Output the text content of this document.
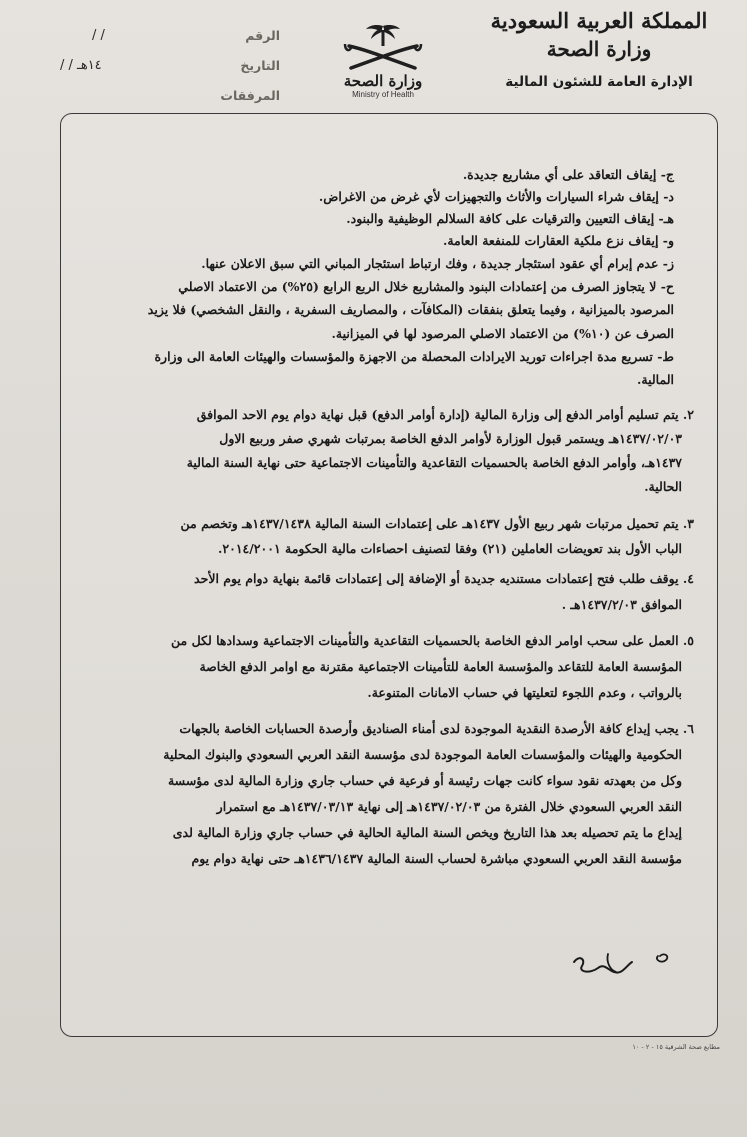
المملكة العربية السعودية
وزارة الصحة
الإدارة العامة للشئون المالية
وزارة الصحة
Ministry of Health
الرقم
/ /
التاريخ
/ / ١٤هـ
المرفقات
ج- إيقاف التعاقد على أي مشاريع جديدة.
د- إيقاف شراء السيارات والأثاث والتجهيزات لأي غرض من الاغراض.
هـ- إيقاف التعيين والترقيات على كافة السلالم الوظيفية والبنود.
و- إيقاف نزع ملكية العقارات للمنفعة العامة.
ز- عدم إبرام أي عقود استئجار جديدة ، وفك ارتباط استئجار المباني التي سبق الاعلان عنها.
ح- لا يتجاوز الصرف من إعتمادات البنود والمشاريع خلال الربع الرابع (٢٥%) من الاعتماد الاصلي
المرصود بالميزانية ، وفيما يتعلق بنفقات (المكافآت ، والمصاريف السفرية ، والنقل الشخصي) فلا يزيد
الصرف عن (١٠%) من الاعتماد الاصلي المرصود لها في الميزانية.
ط- تسريع مدة اجراءات توريد الايرادات المحصلة من الاجهزة والمؤسسات والهيئات العامة الى وزارة
المالية.
٢. يتم تسليم أوامر الدفع إلى وزارة المالية (إدارة أوامر الدفع) قبل نهاية دوام يوم الاحد الموافق
١٤٣٧/٠٢/٠٣هـ ويستمر قبول الوزارة لأوامر الدفع الخاصة بمرتبات شهري صفر وربيع الاول
١٤٣٧هـ، وأوامر الدفع الخاصة بالحسميات التقاعدية والتأمينات الاجتماعية حتى نهاية السنة المالية
الحالية.
٣. يتم تحميل مرتبات شهر ربيع الأول ١٤٣٧هـ على إعتمادات السنة المالية ١٤٣٧/١٤٣٨هـ وتخصم من
الباب الأول بند تعويضات العاملين (٢١) وفقا لتصنيف احصاءات مالية الحكومة ٢٠١٤/٢٠٠١.
٤. يوقف طلب فتح إعتمادات مستنديه جديدة أو الإضافة إلى إعتمادات قائمة بنهاية دوام يوم الأحد
الموافق ١٤٣٧/٢/٠٣هـ .
٥. العمل على سحب اوامر الدفع الخاصة بالحسميات التقاعدية والتأمينات الاجتماعية وسدادها لكل من
المؤسسة العامة للتقاعد والمؤسسة العامة للتأمينات الاجتماعية مقترنة مع اوامر الدفع الخاصة
بالرواتب ، وعدم اللجوء لتعليتها في حساب الامانات المتنوعة.
٦. يجب إيداع كافة الأرصدة النقدية الموجودة لدى أمناء الصناديق وأرصدة الحسابات الخاصة بالجهات
الحكومية والهيئات والمؤسسات العامة الموجودة لدى مؤسسة النقد العربي السعودي والبنوك المحلية
وكل من بعهدته نقود سواء كانت جهات رئيسة أو فرعية في حساب جاري وزارة المالية لدى مؤسسة
النقد العربي السعودي خلال الفترة من ١٤٣٧/٠٢/٠٣هـ إلى نهاية ١٤٣٧/٠٣/١٣هـ مع استمرار
إيداع ما يتم تحصيله بعد هذا التاريخ ويخص السنة المالية الحالية في حساب جاري وزارة المالية لدى
مؤسسة النقد العربي السعودي مباشرة لحساب السنة المالية ١٤٣٦/١٤٣٧هـ حتى نهاية دوام يوم
مطابع صحة الشرقية ١٥ - ٢ - ١٠
